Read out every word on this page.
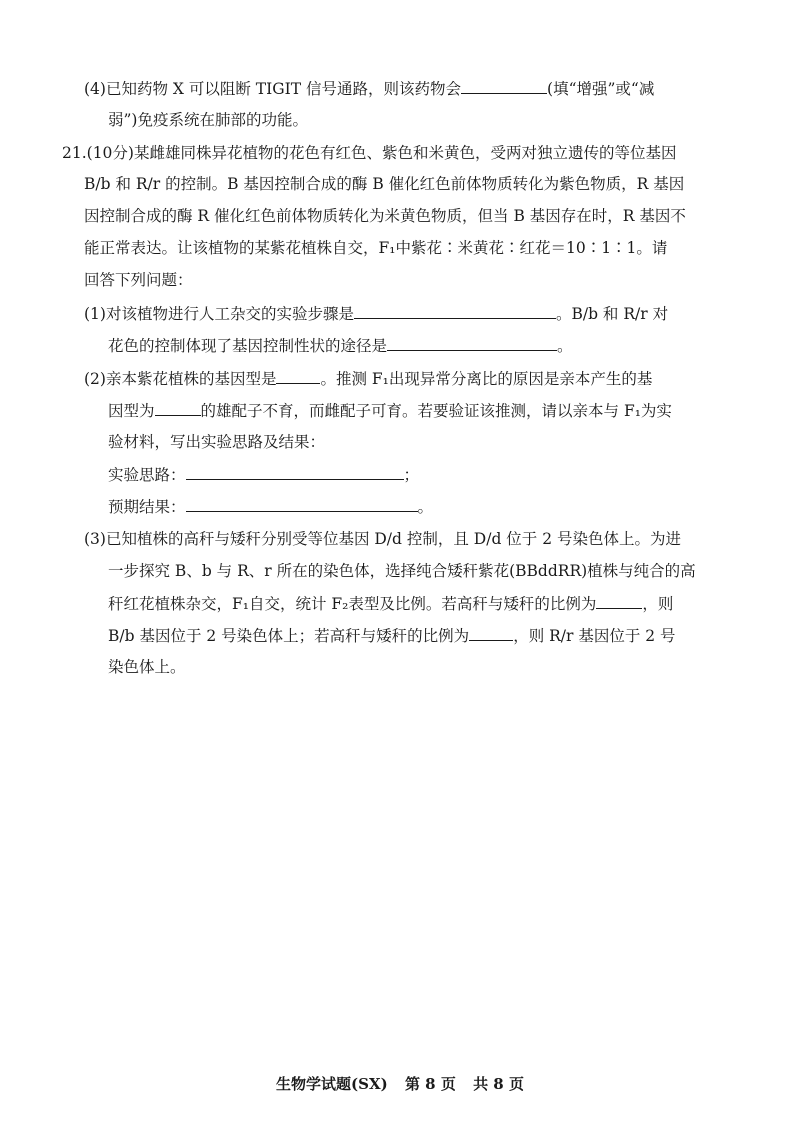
(4)已知药物 X 可以阻断 TIGIT 信号通路，则该药物会	(填“增强”或“减
弱”)免疫系统在肺部的功能。
21.(10分)某雌雄同株异花植物的花色有红色、紫色和米黄色，受两对独立遗传的等位基因
B/b 和 R/r 的控制。B 基因控制合成的酶 B 催化红色前体物质转化为紫色物质，R 基因
因控制合成的酶 R 催化红色前体物质转化为米黄色物质，但当 B 基因存在时，R 基因不
能正常表达。让该植物的某紫花植株自交，F₁中紫花∶米黄花∶红花＝10∶1∶1。请
回答下列问题：
(1)对该植物进行人工杂交的实验步骤是	。B/b 和 R/r 对
花色的控制体现了基因控制性状的途径是	。
(2)亲本紫花植株的基因型是	。推测 F₁出现异常分离比的原因是亲本产生的基
因型为	的雄配子不育，而雌配子可育。若要验证该推测，请以亲本与 F₁为实
验材料，写出实验思路及结果：
实验思路：	；
预期结果：	。
(3)已知植株的高秆与矮秆分别受等位基因 D/d 控制，且 D/d 位于 2 号染色体上。为进
一步探究 B、b 与 R、r 所在的染色体，选择纯合矮秆紫花(BBddRR)植株与纯合的高
秆红花植株杂交，F₁自交，统计 F₂表型及比例。若高秆与矮秆的比例为	，则
B/b 基因位于 2 号染色体上；若高秆与矮秆的比例为	，则 R/r 基因位于 2 号
染色体上。
生物学试题(SX) 第 8 页 共 8 页
